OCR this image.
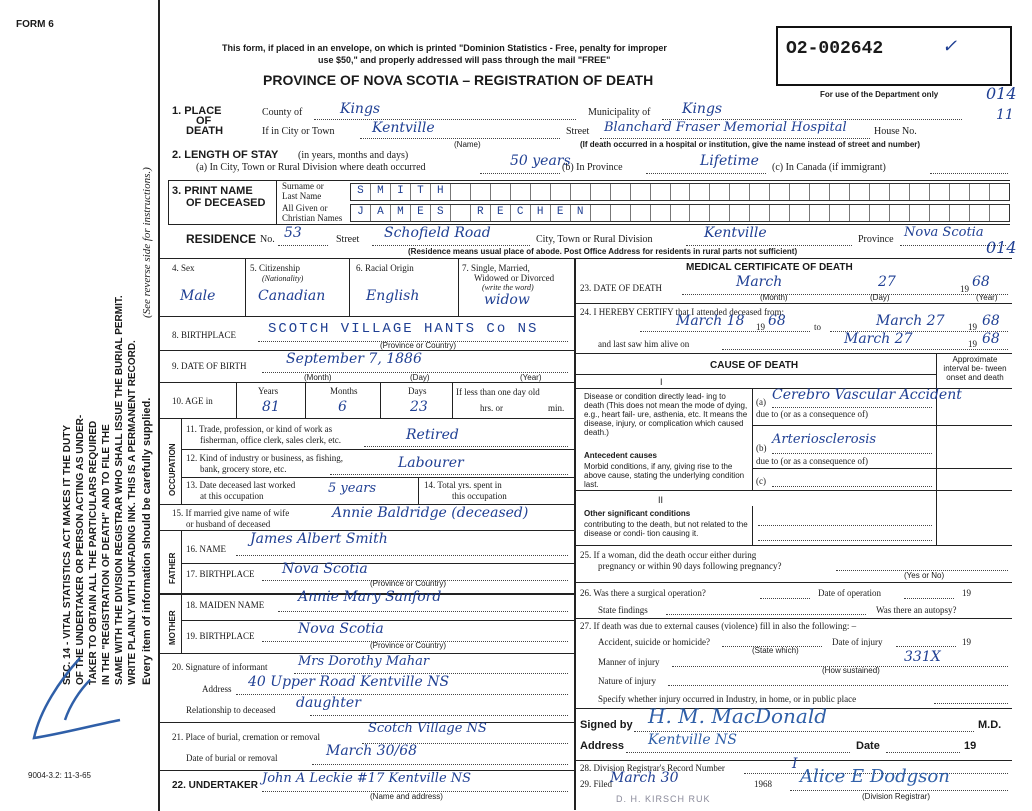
FORM 6
This form, if placed in an envelope, on which is printed "Dominion Statistics - Free, penalty for improper
use $50," and properly addressed will pass through the mail "FREE"
PROVINCE OF NOVA SCOTIA – REGISTRATION OF DEATH
O2-002642	✓
For use of the Department only	014
11
SEC. 14 - VITAL STATISTICS ACT MAKES IT THE DUTY OF THE UNDERTAKER OR PERSON ACTING AS UNDER- TAKER TO OBTAIN ALL THE PARTICULARS REQUIRED IN THE "REGISTRATION OF DEATH" AND TO FILE THE SAME WITH THE DIVISION REGISTRAR WHO SHALL ISSUE THE BURIAL PERMIT. WRITE PLAINLY WITH UNFADING INK. THIS IS A PERMANENT RECORD. Every item of information should be carefully supplied.
(See reverse side for instructions.)
9004-3.2: 11-3-65
1. PLACE
OF
DEATH
County of	Kings	Municipality of Kings
If in City or Town	Kentville
(Name)
Street Blanchard Fraser Memorial Hospital	House No.
(If death occurred in a hospital or institution, give the name instead of street and number)
2. LENGTH OF STAY (in years, months and days)
(a) In City, Town or Rural Division where death occurred	50 years
(b) In Province	Lifetime (c) In Canada (if immigrant)
3. PRINT NAME
OF DECEASED
Surname or
Last Name
All Given or
Christian Names
S	M	I	T	H
J	A	M	E	S	R	E	C	H	E	N
RESIDENCE No. 53	Street Schofield Road	City, Town or Rural Division	Kentville	Province Nova Scotia
(Residence means usual place of abode. Post Office Address for residents in rural parts not sufficient)	014
4. Sex
Male
5. Citizenship
(Nationality)
Canadian
6. Racial Origin
English
7. Single, Married,
Widowed or Divorced
(write the word)
widow
8. BIRTHPLACE SCOTCH VILLAGE HANTS Co NS
(Province or Country)
9. DATE OF BIRTH	September 7, 1886
(Month)	(Day)	(Year)
10. AGE in
Years	Months	Days
81	6	23
If less than one day old
hrs. or	min.
OCCUPATION
11. Trade, profession, or kind of work as
fisherman, office clerk, sales clerk, etc.	Retired
12. Kind of industry or business, as fishing,
bank, grocery store, etc.	Labourer
13. Date deceased last worked
at this occupation	5 years	14. Total yrs. spent in
this occupation
15. If married give name of wife
or husband of deceased
Annie Baldridge (deceased)
FATHER
16. NAME
James Albert Smith
17. BIRTHPLACE Nova Scotia
(Province or Country)
MOTHER
18. MAIDEN NAME Annie Mary Sanford
19. BIRTHPLACE	Nova Scotia
(Province or Country)
20. Signature of informant Mrs Dorothy Mahar
Address 40 Upper Road Kentville NS
Relationship to deceased daughter
21. Place of burial, cremation or removal
Scotch Village NS
Date of burial or removal	March 30/68
22. UNDERTAKER John A Leckie #17 Kentville NS
(Name and address)
MEDICAL CERTIFICATE OF DEATH
23. DATE OF DEATH	March	27	19 68
(Month)	(Day)	(Year)
24. I HEREBY CERTIFY that I attended deceased from:
March 18 19 68	to	March 27	19 68
and last saw him alive on	March 27	19 68
CAUSE OF DEATH
Approximate interval be- tween onset and death
I
Disease or condition directly lead- ing to death (This does not mean the mode of dying, e.g., heart fail- ure, asthenia, etc. It means the disease, injury, or complication which caused death.)
(a) Cerebro Vascular Accident
due to (or as a consequence of)
Antecedent causes
Morbid conditions, if any, giving rise to the above cause, stating the underlying condition last.
(b)
Arteriosclerosis
due to (or as a consequence of)
(c)
II
Other significant conditions
contributing to the death, but not related to the disease or condi- tion causing it.
25. If a woman, did the death occur either during
pregnancy or within 90 days following pregnancy?
(Yes or No)
26. Was there a surgical operation?	Date of operation	19
State findings	Was there an autopsy?
27. If death was due to external causes (violence) fill in also the following: –
Accident, suicide or homicide?
(State which)
Date of injury	19
Manner of injury	331X
(How sustained)
Nature of injury
Specify whether injury occurred in Industry, in home, or in public place
Signed by H. M. MacDonald	M.D.
Address Kentville NS	Date	19
28. Division Registrar's Record Number	I
29. Filed
March 30	1968 Alice E Dodgson
(Division Registrar)
D. H. KIRSCH RUK
